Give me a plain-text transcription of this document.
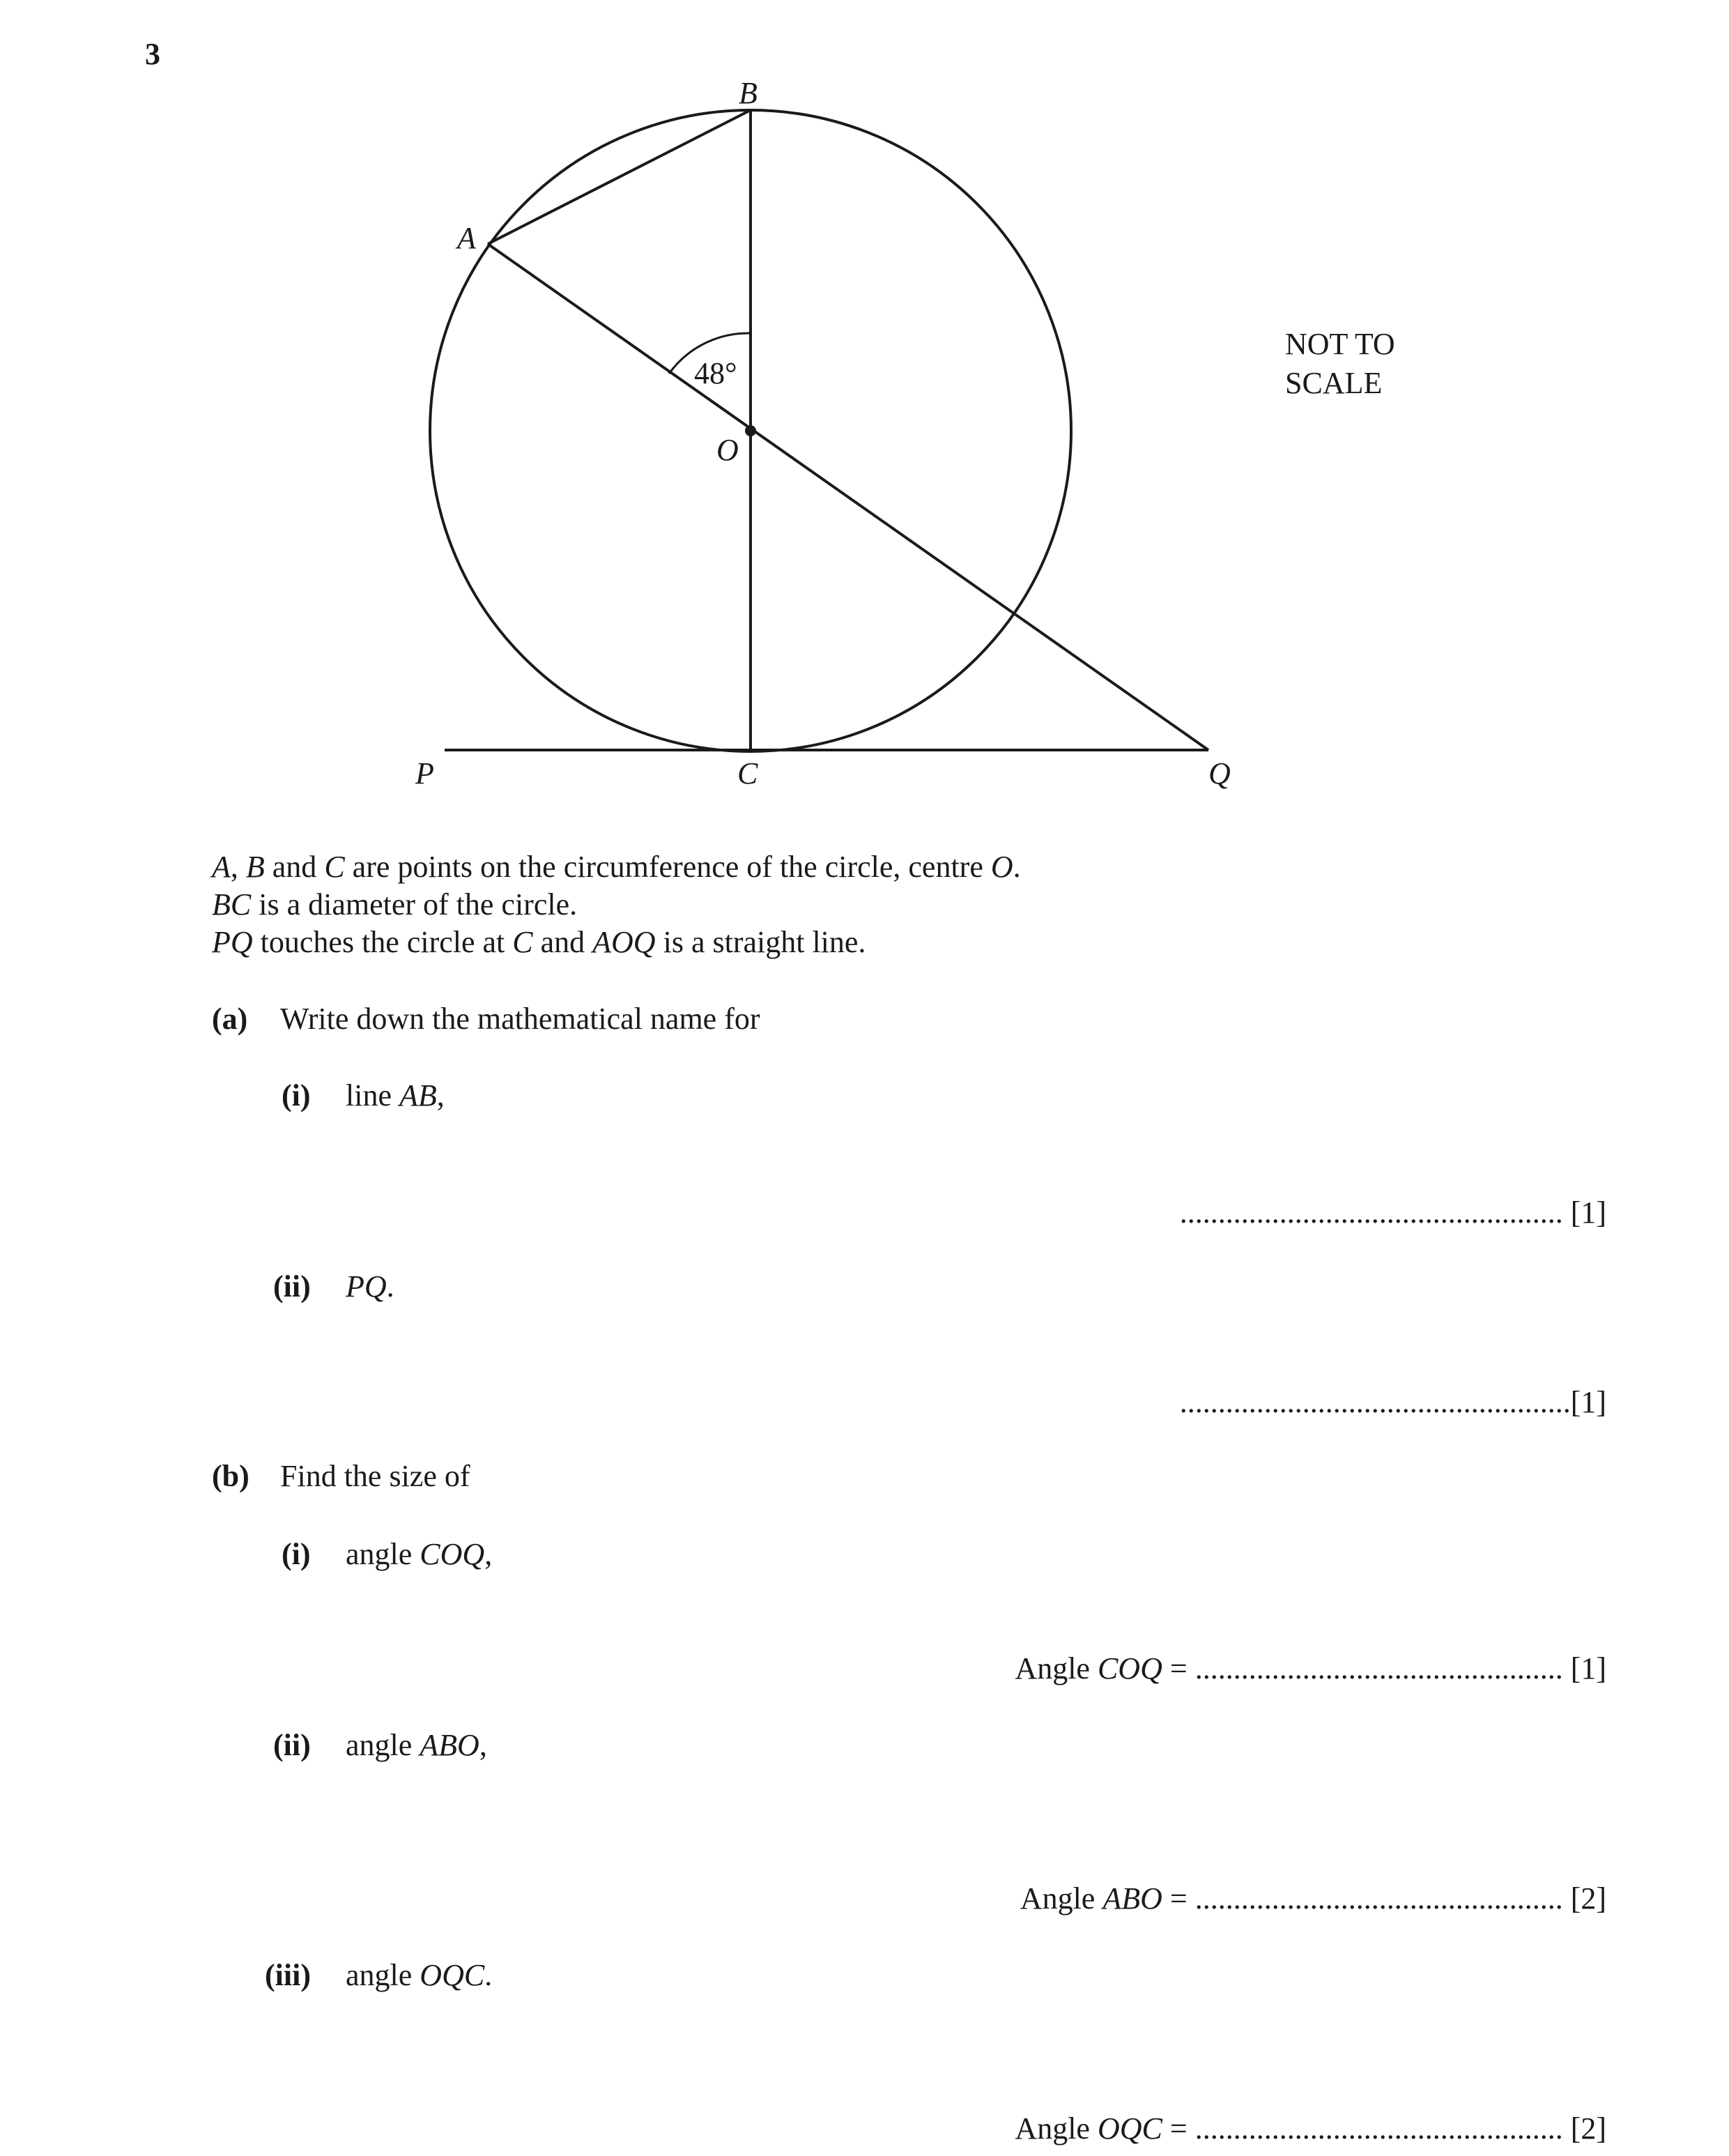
3
B
A
48°
O
P	C	Q
NOT TO
SCALE
A, B and C are points on the circumference of the circle, centre O.
BC is a diameter of the circle.
PQ touches the circle at C and AOQ is a straight line.
(a) Write down the mathematical name for
(i) line AB,
.................................................. [1]
(ii) PQ.
...................................................[1]
(b) Find the size of
(i) angle COQ,
Angle COQ = ................................................ [1]
(ii) angle ABO,
Angle ABO = ................................................ [2]
(iii) angle OQC.
Angle OQC = ................................................ [2]
